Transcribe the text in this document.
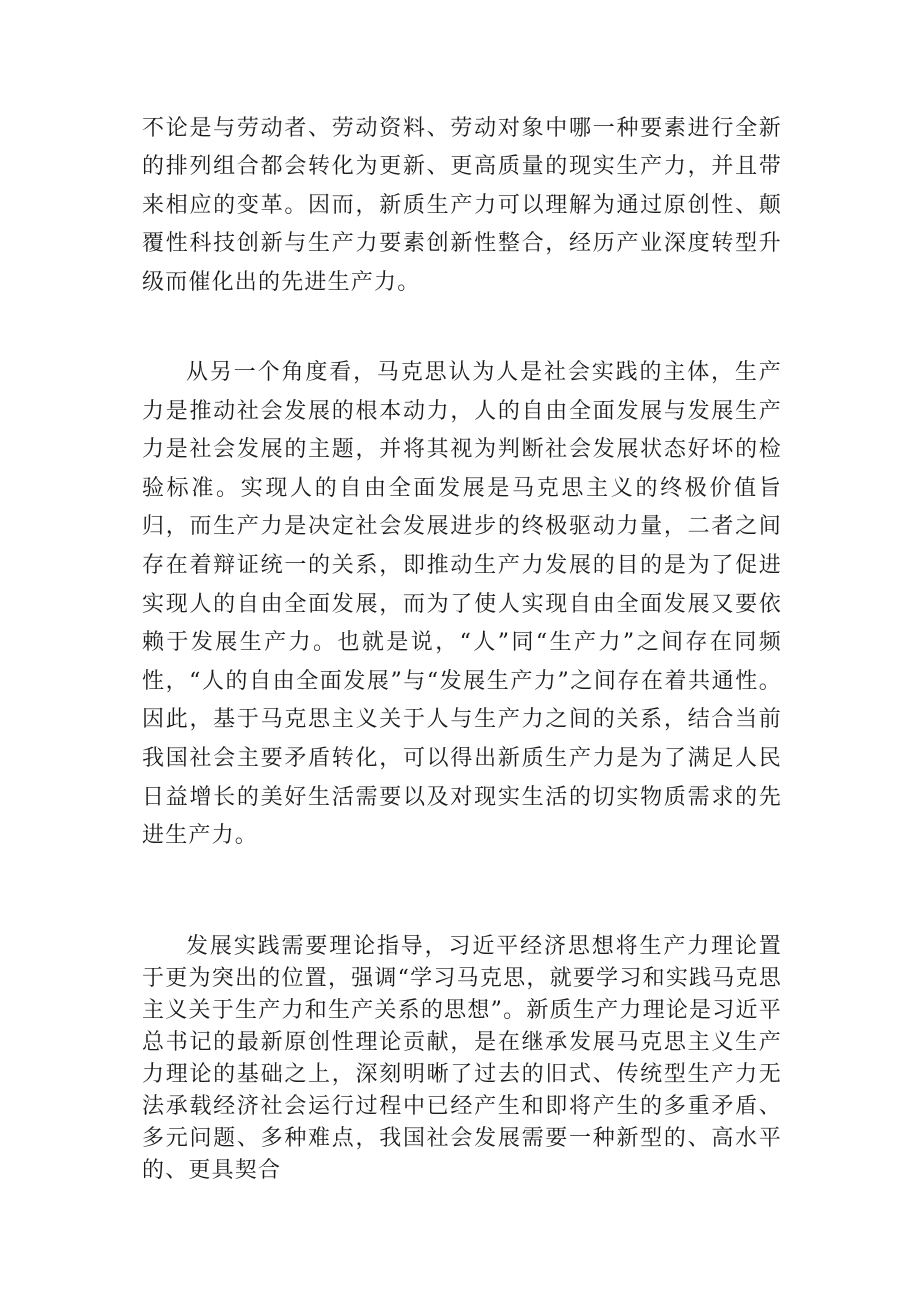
不论是与劳动者、劳动资料、劳动对象中哪一种要素进行全新的排列组合都会转化为更新、更高质量的现实生产力，并且带来相应的变革。因而，新质生产力可以理解为通过原创性、颠覆性科技创新与生产力要素创新性整合，经历产业深度转型升级而催化出的先进生产力。

从另一个角度看，马克思认为人是社会实践的主体，生产力是推动社会发展的根本动力，人的自由全面发展与发展生产力是社会发展的主题，并将其视为判断社会发展状态好坏的检验标准。实现人的自由全面发展是马克思主义的终极价值旨归，而生产力是决定社会发展进步的终极驱动力量，二者之间存在着辩证统一的关系，即推动生产力发展的目的是为了促进实现人的自由全面发展，而为了使人实现自由全面发展又要依赖于发展生产力。也就是说，“人”同“生产力”之间存在同频性，“人的自由全面发展”与“发展生产力”之间存在着共通性。因此，基于马克思主义关于人与生产力之间的关系，结合当前我国社会主要矛盾转化，可以得出新质生产力是为了满足人民日益增长的美好生活需要以及对现实生活的切实物质需求的先进生产力。

发展实践需要理论指导，习近平经济思想将生产力理论置于更为突出的位置，强调“学习马克思，就要学习和实践马克思主义关于生产力和生产关系的思想”。新质生产力理论是习近平总书记的最新原创性理论贡献，是在继承发展马克思主义生产力理论的基础之上，深刻明晰了过去的旧式、传统型生产力无法承载经济社会运行过程中已经产生和即将产生的多重矛盾、多元问题、多种难点，我国社会发展需要一种新型的、高水平的、更具契合
